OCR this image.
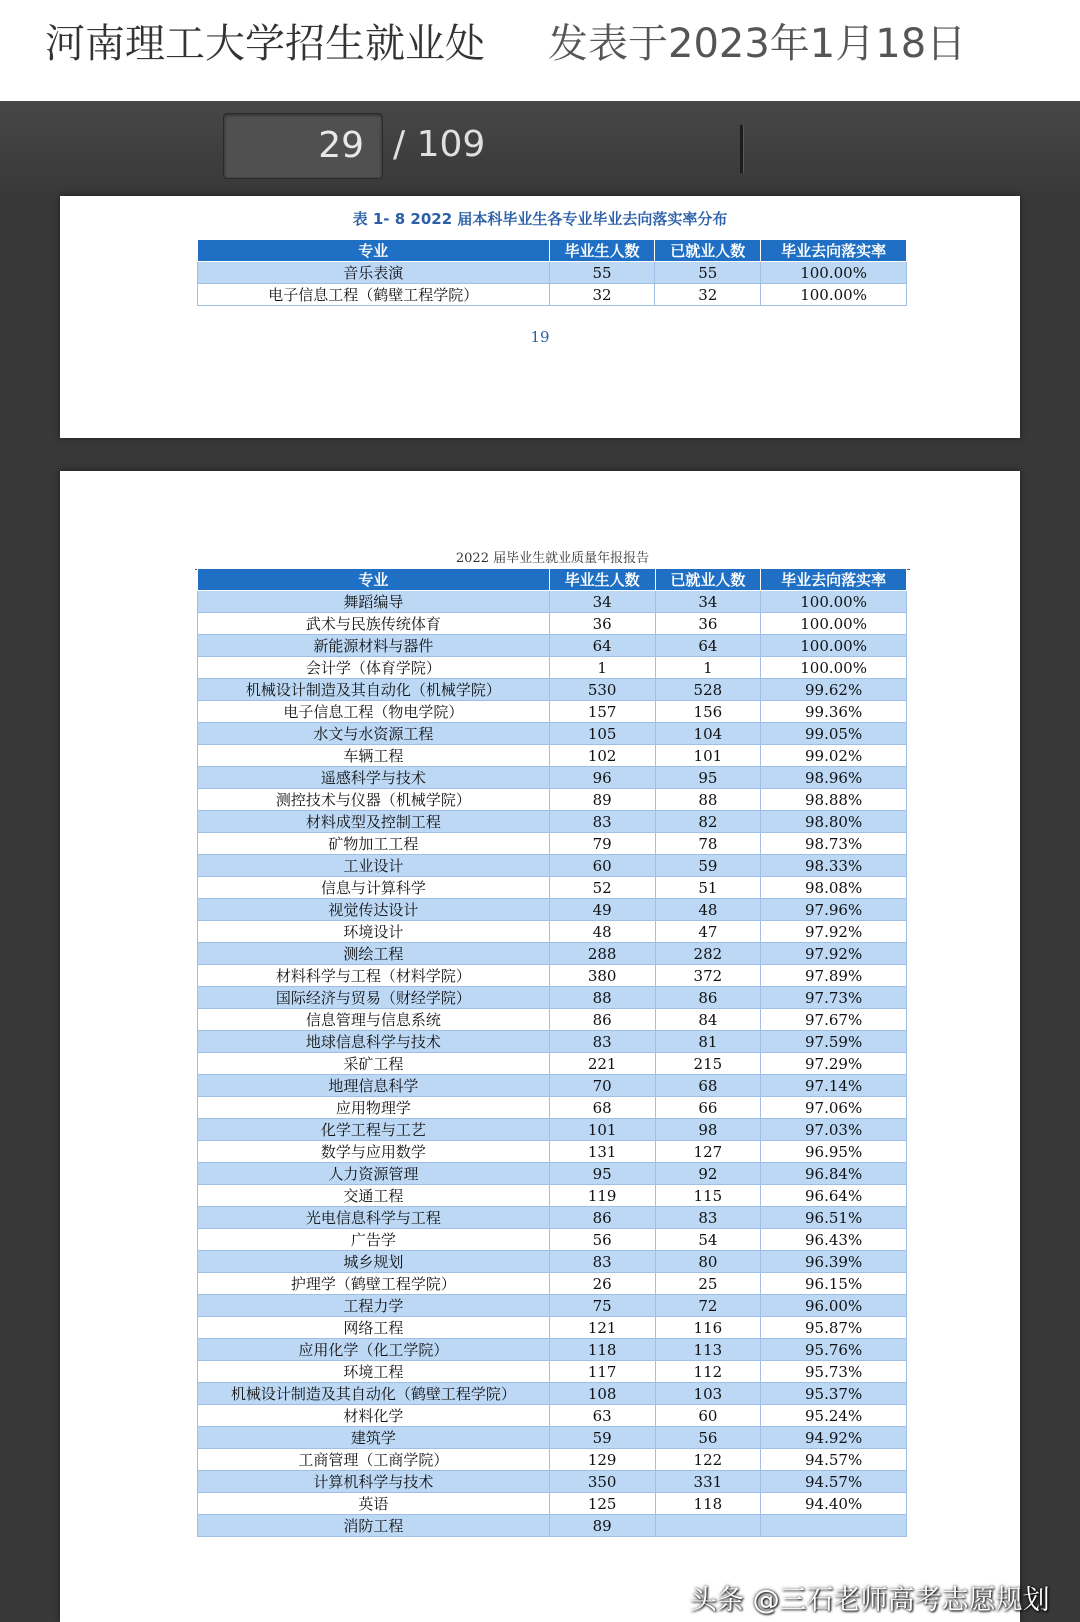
河南理工大学招生就业处 发表于2023年1月18日
29 / 109
表 1- 8 2022 届本科毕业生各专业毕业去向落实率分布
专业	毕业生人数	已就业人数	毕业去向落实率
音乐表演	55	55	100.00%
电子信息工程（鹤壁工程学院）	32	32	100.00%
19
2022 届毕业生就业质量年报报告
专业	毕业生人数	已就业人数	毕业去向落实率
舞蹈编导	34	34	100.00%
武术与民族传统体育	36	36	100.00%
新能源材料与器件	64	64	100.00%
会计学（体育学院）	1	1	100.00%
机械设计制造及其自动化（机械学院）	530	528	99.62%
电子信息工程（物电学院）	157	156	99.36%
水文与水资源工程	105	104	99.05%
车辆工程	102	101	99.02%
遥感科学与技术	96	95	98.96%
测控技术与仪器（机械学院）	89	88	98.88%
材料成型及控制工程	83	82	98.80%
矿物加工工程	79	78	98.73%
工业设计	60	59	98.33%
信息与计算科学	52	51	98.08%
视觉传达设计	49	48	97.96%
环境设计	48	47	97.92%
测绘工程	288	282	97.92%
材料科学与工程（材料学院）	380	372	97.89%
国际经济与贸易（财经学院）	88	86	97.73%
信息管理与信息系统	86	84	97.67%
地球信息科学与技术	83	81	97.59%
采矿工程	221	215	97.29%
地理信息科学	70	68	97.14%
应用物理学	68	66	97.06%
化学工程与工艺	101	98	97.03%
数学与应用数学	131	127	96.95%
人力资源管理	95	92	96.84%
交通工程	119	115	96.64%
光电信息科学与工程	86	83	96.51%
广告学	56	54	96.43%
城乡规划	83	80	96.39%
护理学（鹤壁工程学院）	26	25	96.15%
工程力学	75	72	96.00%
网络工程	121	116	95.87%
应用化学（化工学院）	118	113	95.76%
环境工程	117	112	95.73%
机械设计制造及其自动化（鹤壁工程学院）	108	103	95.37%
材料化学	63	60	95.24%
建筑学	59	56	94.92%
工商管理（工商学院）	129	122	94.57%
计算机科学与技术	350	331	94.57%
英语	125	118	94.40%
消防工程	89		
头条 @三石老师高考志愿规划
